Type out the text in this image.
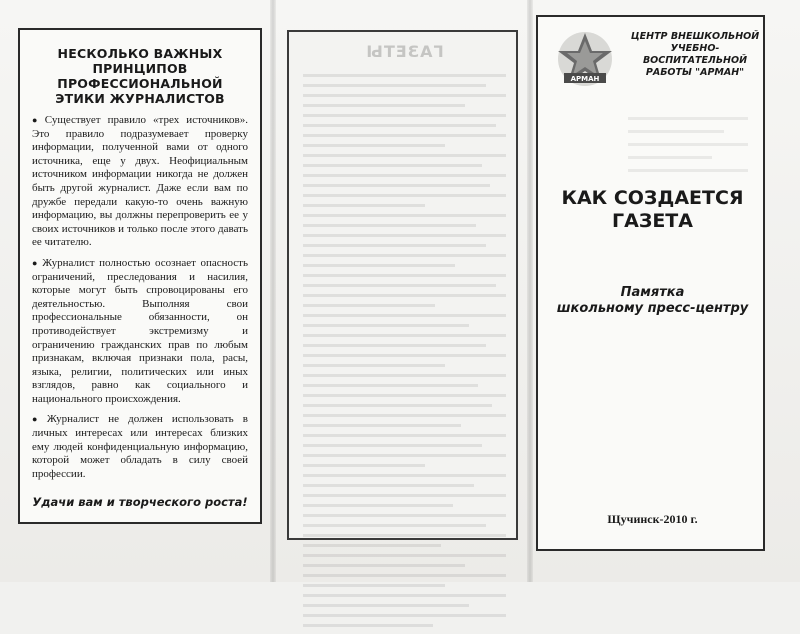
НЕСКОЛЬКО ВАЖНЫХ
ПРИНЦИПОВ
ПРОФЕССИОНАЛЬНОЙ
ЭТИКИ ЖУРНАЛИСТОВ

● Существует правило «трех источников». Это правило подразумевает проверку информации, полученной вами от одного источника, еще у двух. Неофициальным источником информации никогда не должен быть другой журналист. Даже если вам по дружбе передали какую-то очень важную информацию, вы должны перепроверить ее у своих источников и только после этого давать ее читателю.

● Журналист полностью осознает опасность ограничений, преследования и насилия, которые могут быть спровоцированы его деятельностью. Выполняя свои профессиональные обязанности, он противодействует экстремизму и ограничению гражданских прав по любым признакам, включая признаки пола, расы, языка, религии, политических или иных взглядов, равно как социального и национального происхождения.

● Журналист не должен использовать в личных интересах или интересах близких ему людей конфиденциальную информацию, которой может обладать в силу своей профессии.

Удачи вам и творческого роста!
ГАЗЕТЫ
АРМАН
ЦЕНТР ВНЕШКОЛЬНОЙ
УЧЕБНО-
ВОСПИТАТЕЛЬНОЙ
РАБОТЫ "АРМАН"
КАК СОЗДАЕТСЯ
ГАЗЕТА
Памятка
школьному пресс-центру
Щучинск-2010 г.
